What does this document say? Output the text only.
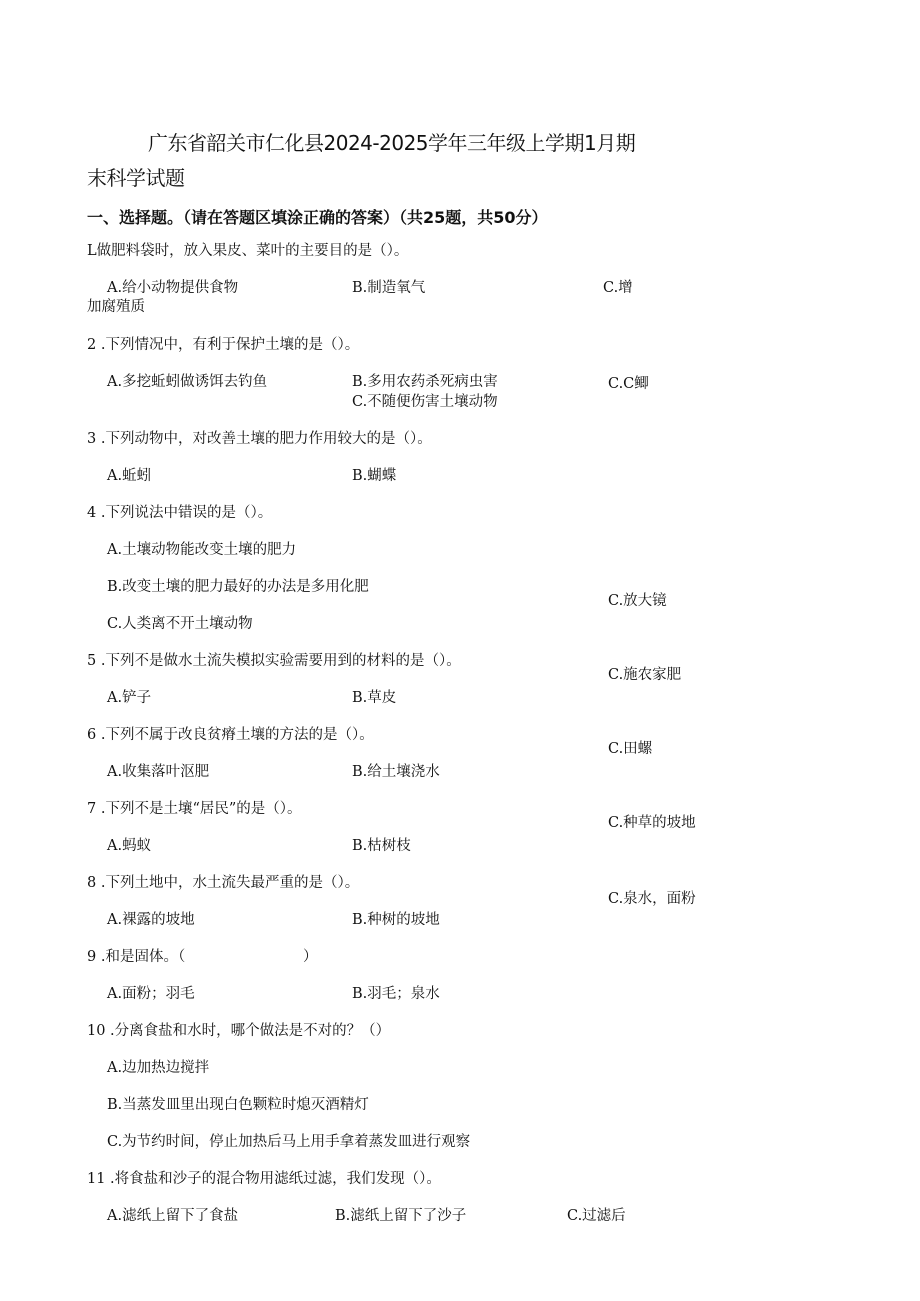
广东省韶关市仁化县2024-2025学年三年级上学期1月期
末科学试题
一、选择题。（请在答题区填涂正确的答案）（共25题，共50分）
L做肥料袋时，放入果皮、菜叶的主要目的是（）。
A.给小动物提供食物	B.制造氧气	C.增
加腐殖质
2 .下列情况中，有利于保护土壤的是（）。
A.多挖蚯蚓做诱饵去钓鱼	B.多用农药杀死病虫害	C.C鲫
C.不随便伤害土壤动物
3 .下列动物中，对改善土壤的肥力作用较大的是（）。
A.蚯蚓	B.蝴蝶
4 .下列说法中错误的是（）。
A.土壤动物能改变土壤的肥力
B.改变土壤的肥力最好的办法是多用化肥
C.人类离不开土壤动物
C.放大镜
C.施农家肥
C.田螺
C.种草的坡地
C.泉水，面粉
5 .下列不是做水土流失模拟实验需要用到的材料的是（）。
A.铲子	B.草皮
6 .下列不属于改良贫瘠土壤的方法的是（）。
A.收集落叶沤肥	B.给土壤浇水
7 .下列不是土壤“居民”的是（）。
A.蚂蚁	B.枯树枝
8 .下列土地中，水土流失最严重的是（）。
A.裸露的坡地	B.种树的坡地
9 .和是固体。（	）
A.面粉；羽毛	B.羽毛；泉水
10 .分离食盐和水时，哪个做法是不对的？（）
A.边加热边搅拌
B.当蒸发皿里出现白色颗粒时熄灭酒精灯
C.为节约时间，停止加热后马上用手拿着蒸发皿进行观察
11 .将食盐和沙子的混合物用滤纸过滤，我们发现（）。
A.滤纸上留下了食盐	B.滤纸上留下了沙子	C.过滤后
